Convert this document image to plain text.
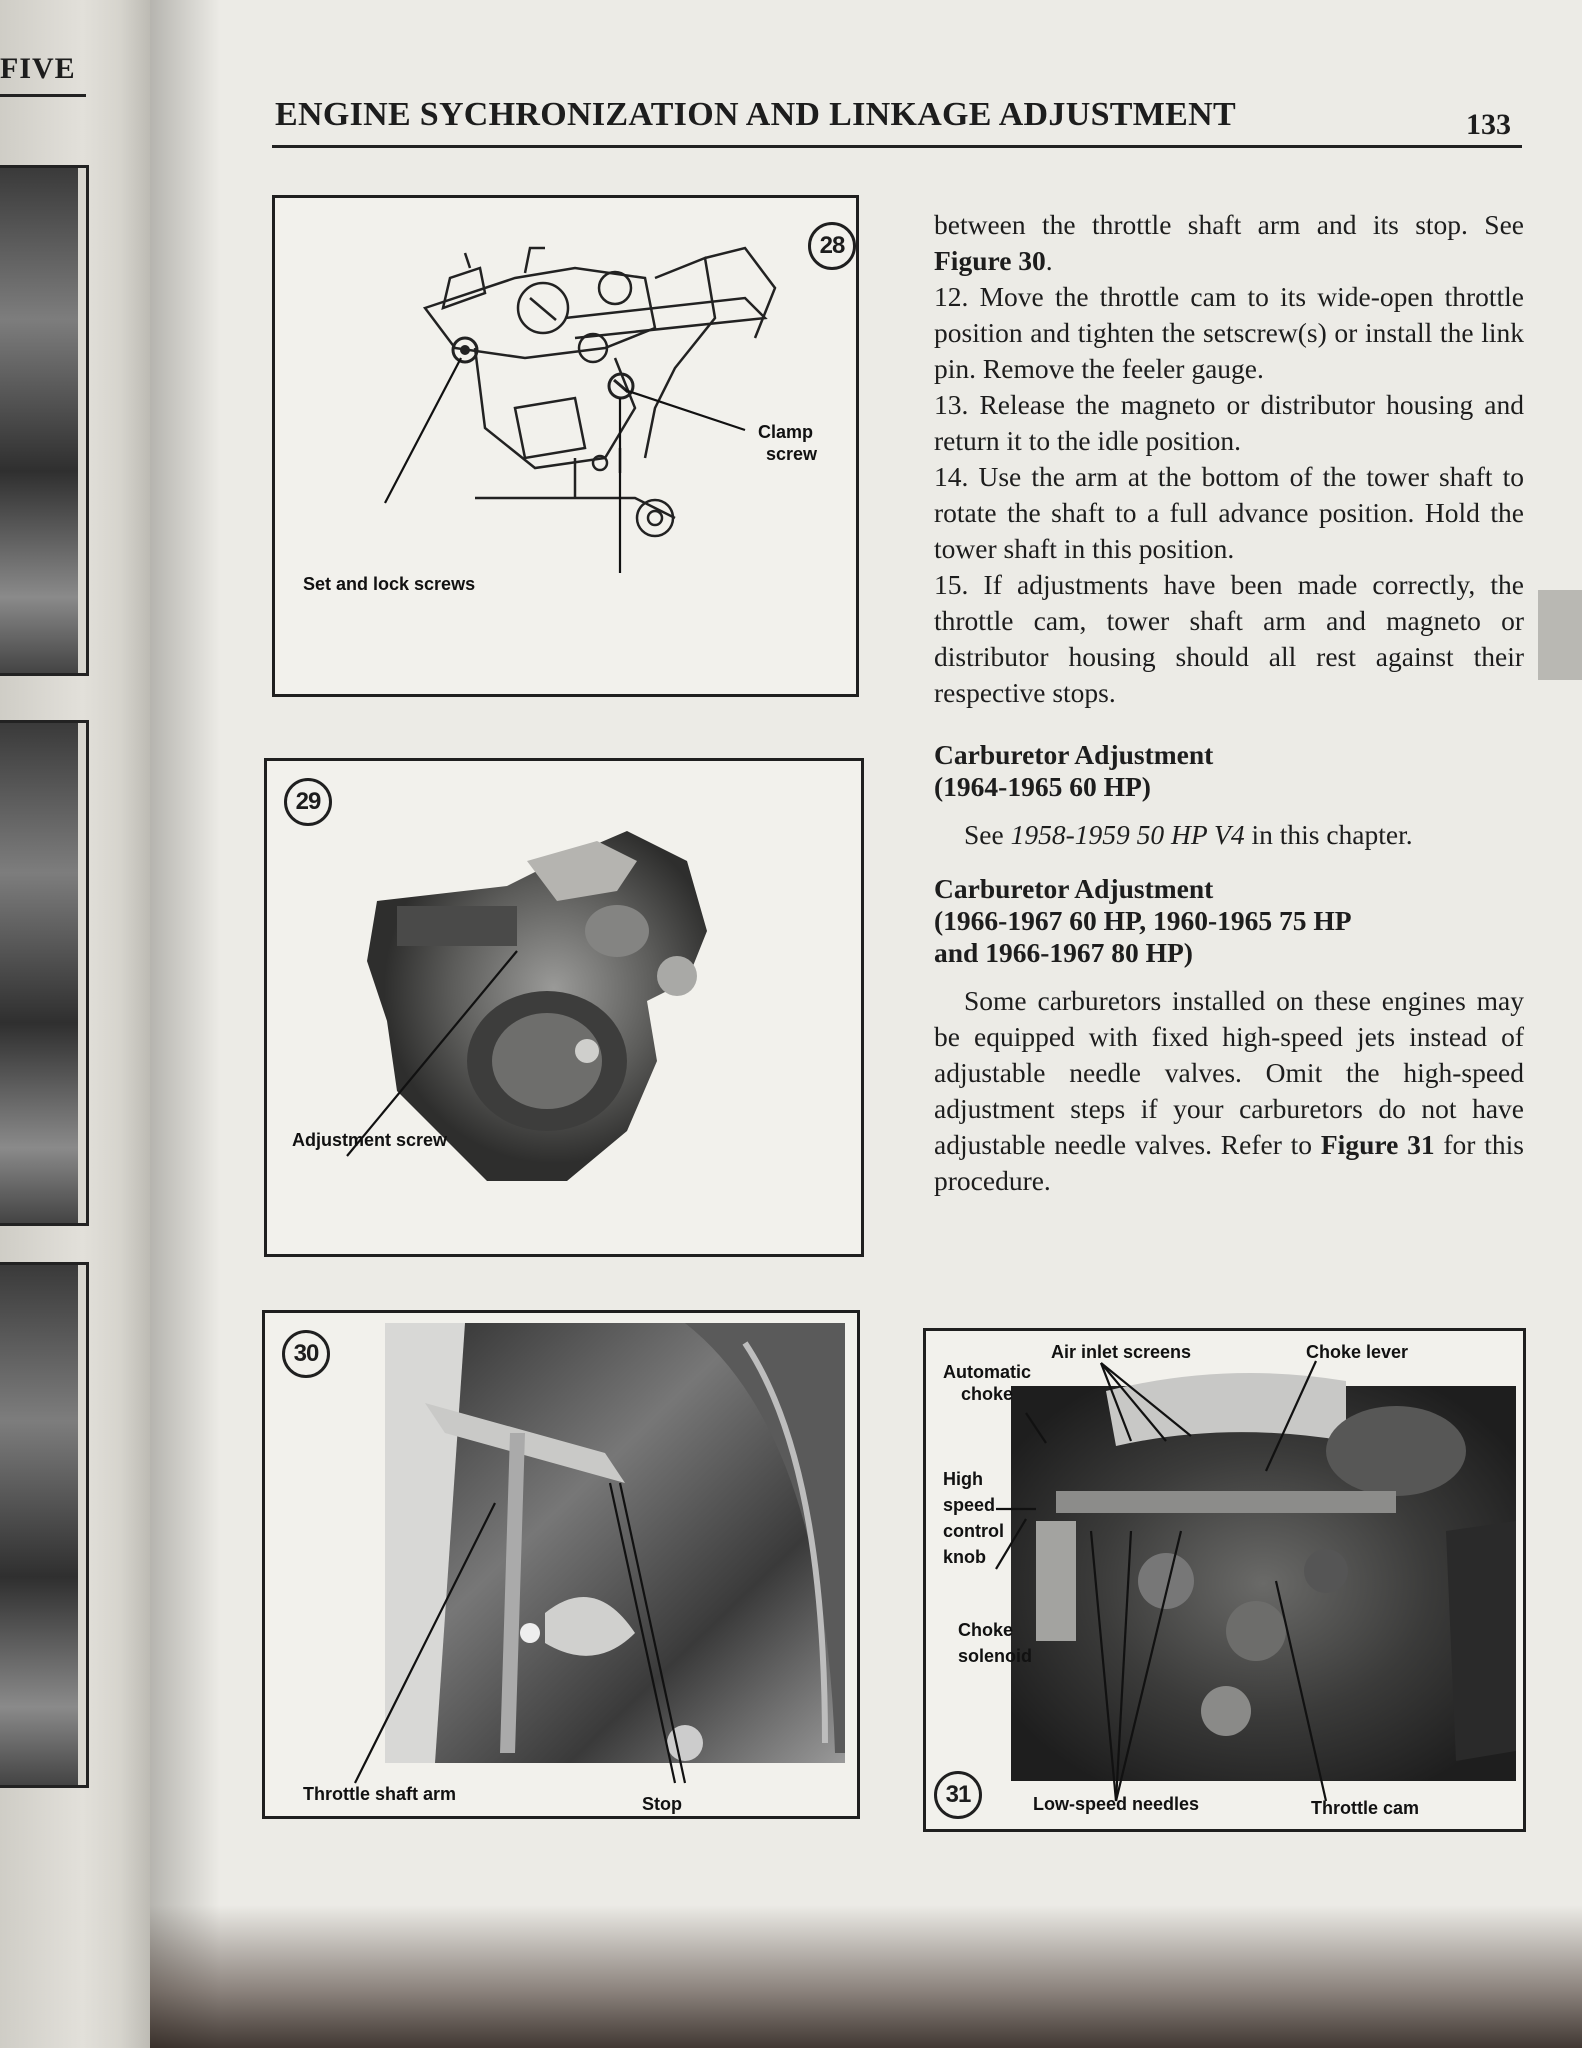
FIVE
ENGINE SYCHRONIZATION AND LINKAGE ADJUSTMENT	133
28
Clamp
screw
Set and lock screws
29
Adjustment screw
30
Throttle shaft arm	Stop
Air inlet screens	Choke lever
Automatic
choke
High
speed
control
knob
Choke
solenoid
31	Low-speed needles	Throttle cam

between the throttle shaft arm and its stop. See Figure 30.

12. Move the throttle cam to its wide-open throttle position and tighten the setscrew(s) or install the link pin. Remove the feeler gauge.

13. Release the magneto or distributor housing and return it to the idle position.

14. Use the arm at the bottom of the tower shaft to rotate the shaft to a full advance position. Hold the tower shaft in this position.

15. If adjustments have been made correctly, the throttle cam, tower shaft arm and magneto or distributor housing should all rest against their respective stops.

Carburetor Adjustment
(1964-1965 60 HP)

See 1958-1959 50 HP V4 in this chapter.

Carburetor Adjustment
(1966-1967 60 HP, 1960-1965 75 HP
and 1966-1967 80 HP)

Some carburetors installed on these engines may be equipped with fixed high-speed jets instead of adjustable needle valves. Omit the high-speed adjustment steps if your carburetors do not have adjustable needle valves. Refer to Figure 31 for this procedure.
